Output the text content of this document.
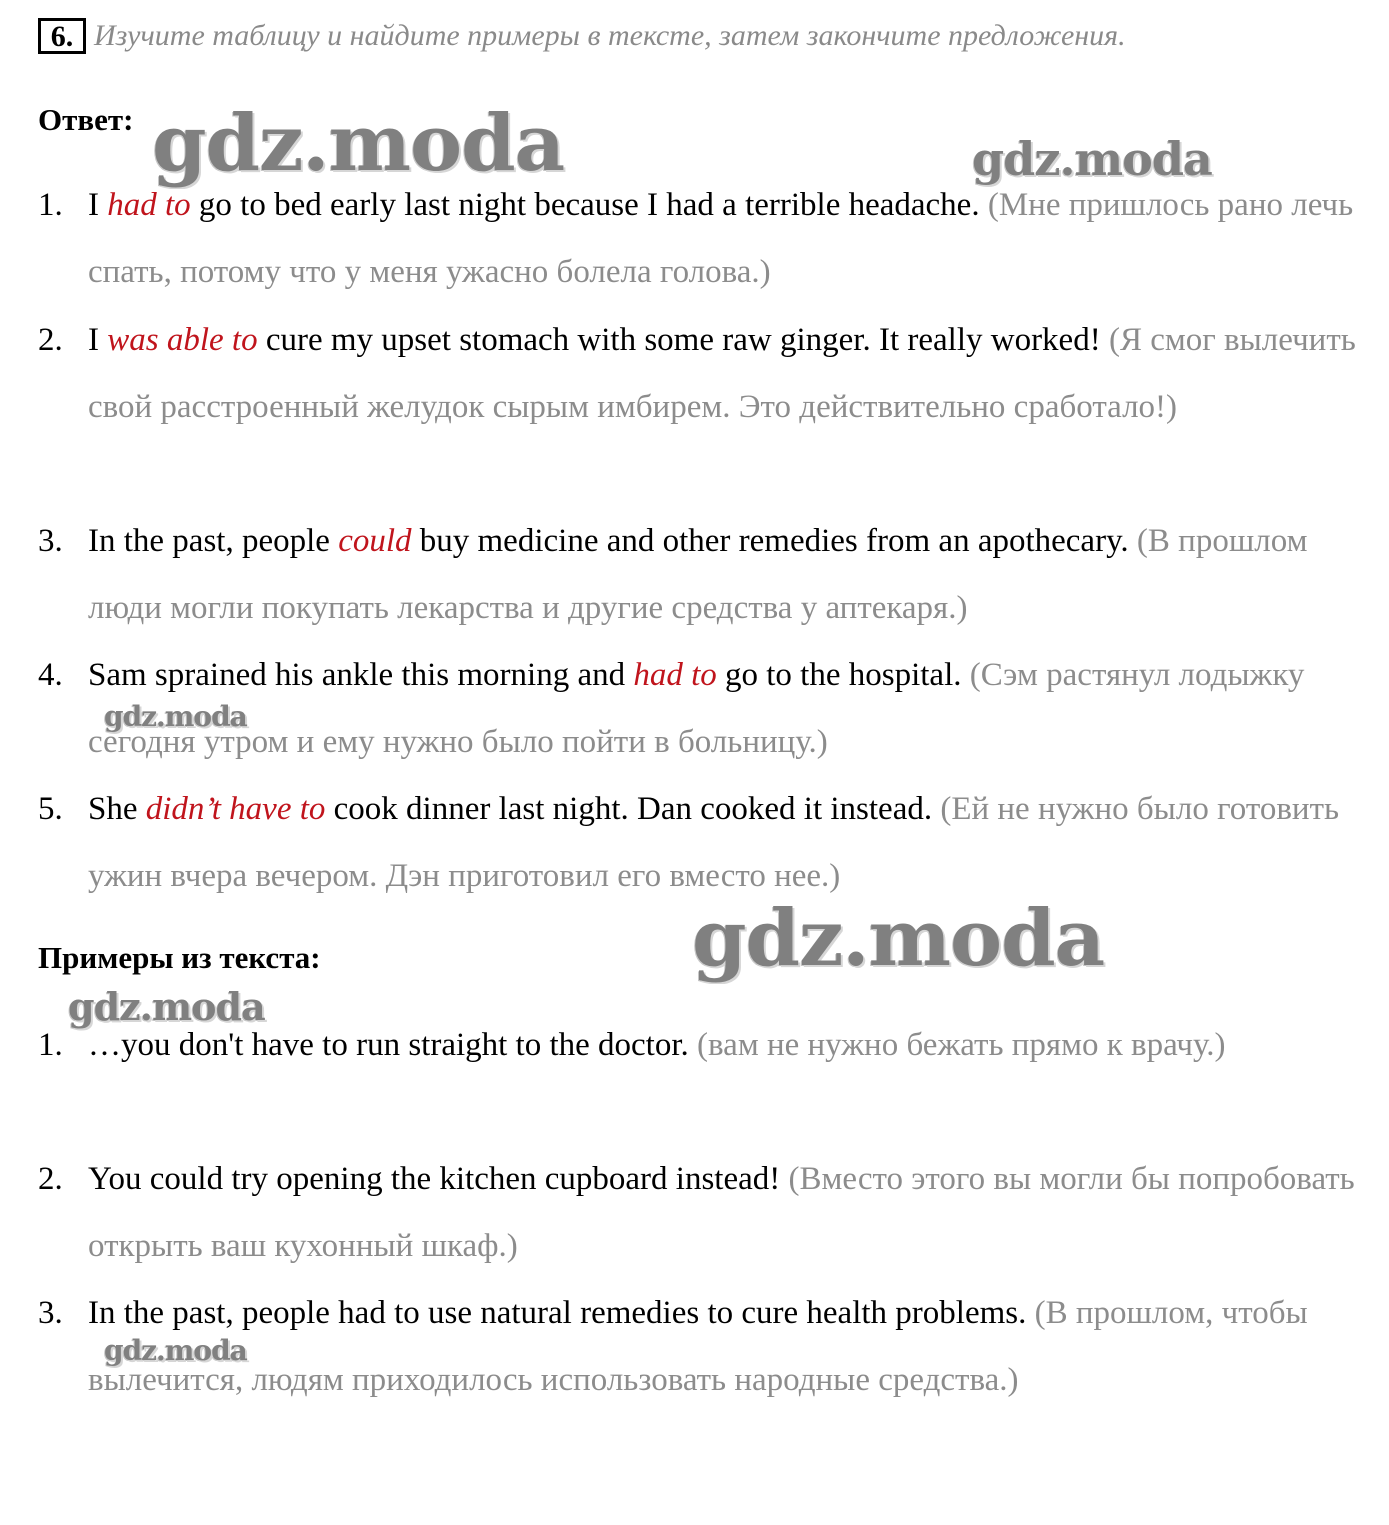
6. Изучите таблицу и найдите примеры в тексте, затем закончите предложения.
Ответ:
1. I had to go to bed early last night because I had a terrible headache. (Мне пришлось рано лечь спать, потому что у меня ужасно болела голова.)
2. I was able to cure my upset stomach with some raw ginger. It really worked! (Я смог вылечить свой расстроенный желудок сырым имбирем. Это действительно сработало!)
3. In the past, people could buy medicine and other remedies from an apothecary. (В прошлом люди могли покупать лекарства и другие средства у аптекаря.)
4. Sam sprained his ankle this morning and had to go to the hospital. (Сэм растянул лодыжку сегодня утром и ему нужно было пойти в больницу.)
5. She didn’t have to cook dinner last night. Dan cooked it instead. (Ей не нужно было готовить ужин вчера вечером. Дэн приготовил его вместо нее.)
Примеры из текста:
1. …you don't have to run straight to the doctor. (вам не нужно бежать прямо к врачу.)
2. You could try opening the kitchen cupboard instead! (Вместо этого вы могли бы попробовать открыть ваш кухонный шкаф.)
3. In the past, people had to use natural remedies to cure health problems. (В прошлом, чтобы вылечится, людям приходилось использовать народные средства.)
gdz.moda	gdz.moda
gdz.moda
gdz.moda
gdz.moda
gdz.moda
